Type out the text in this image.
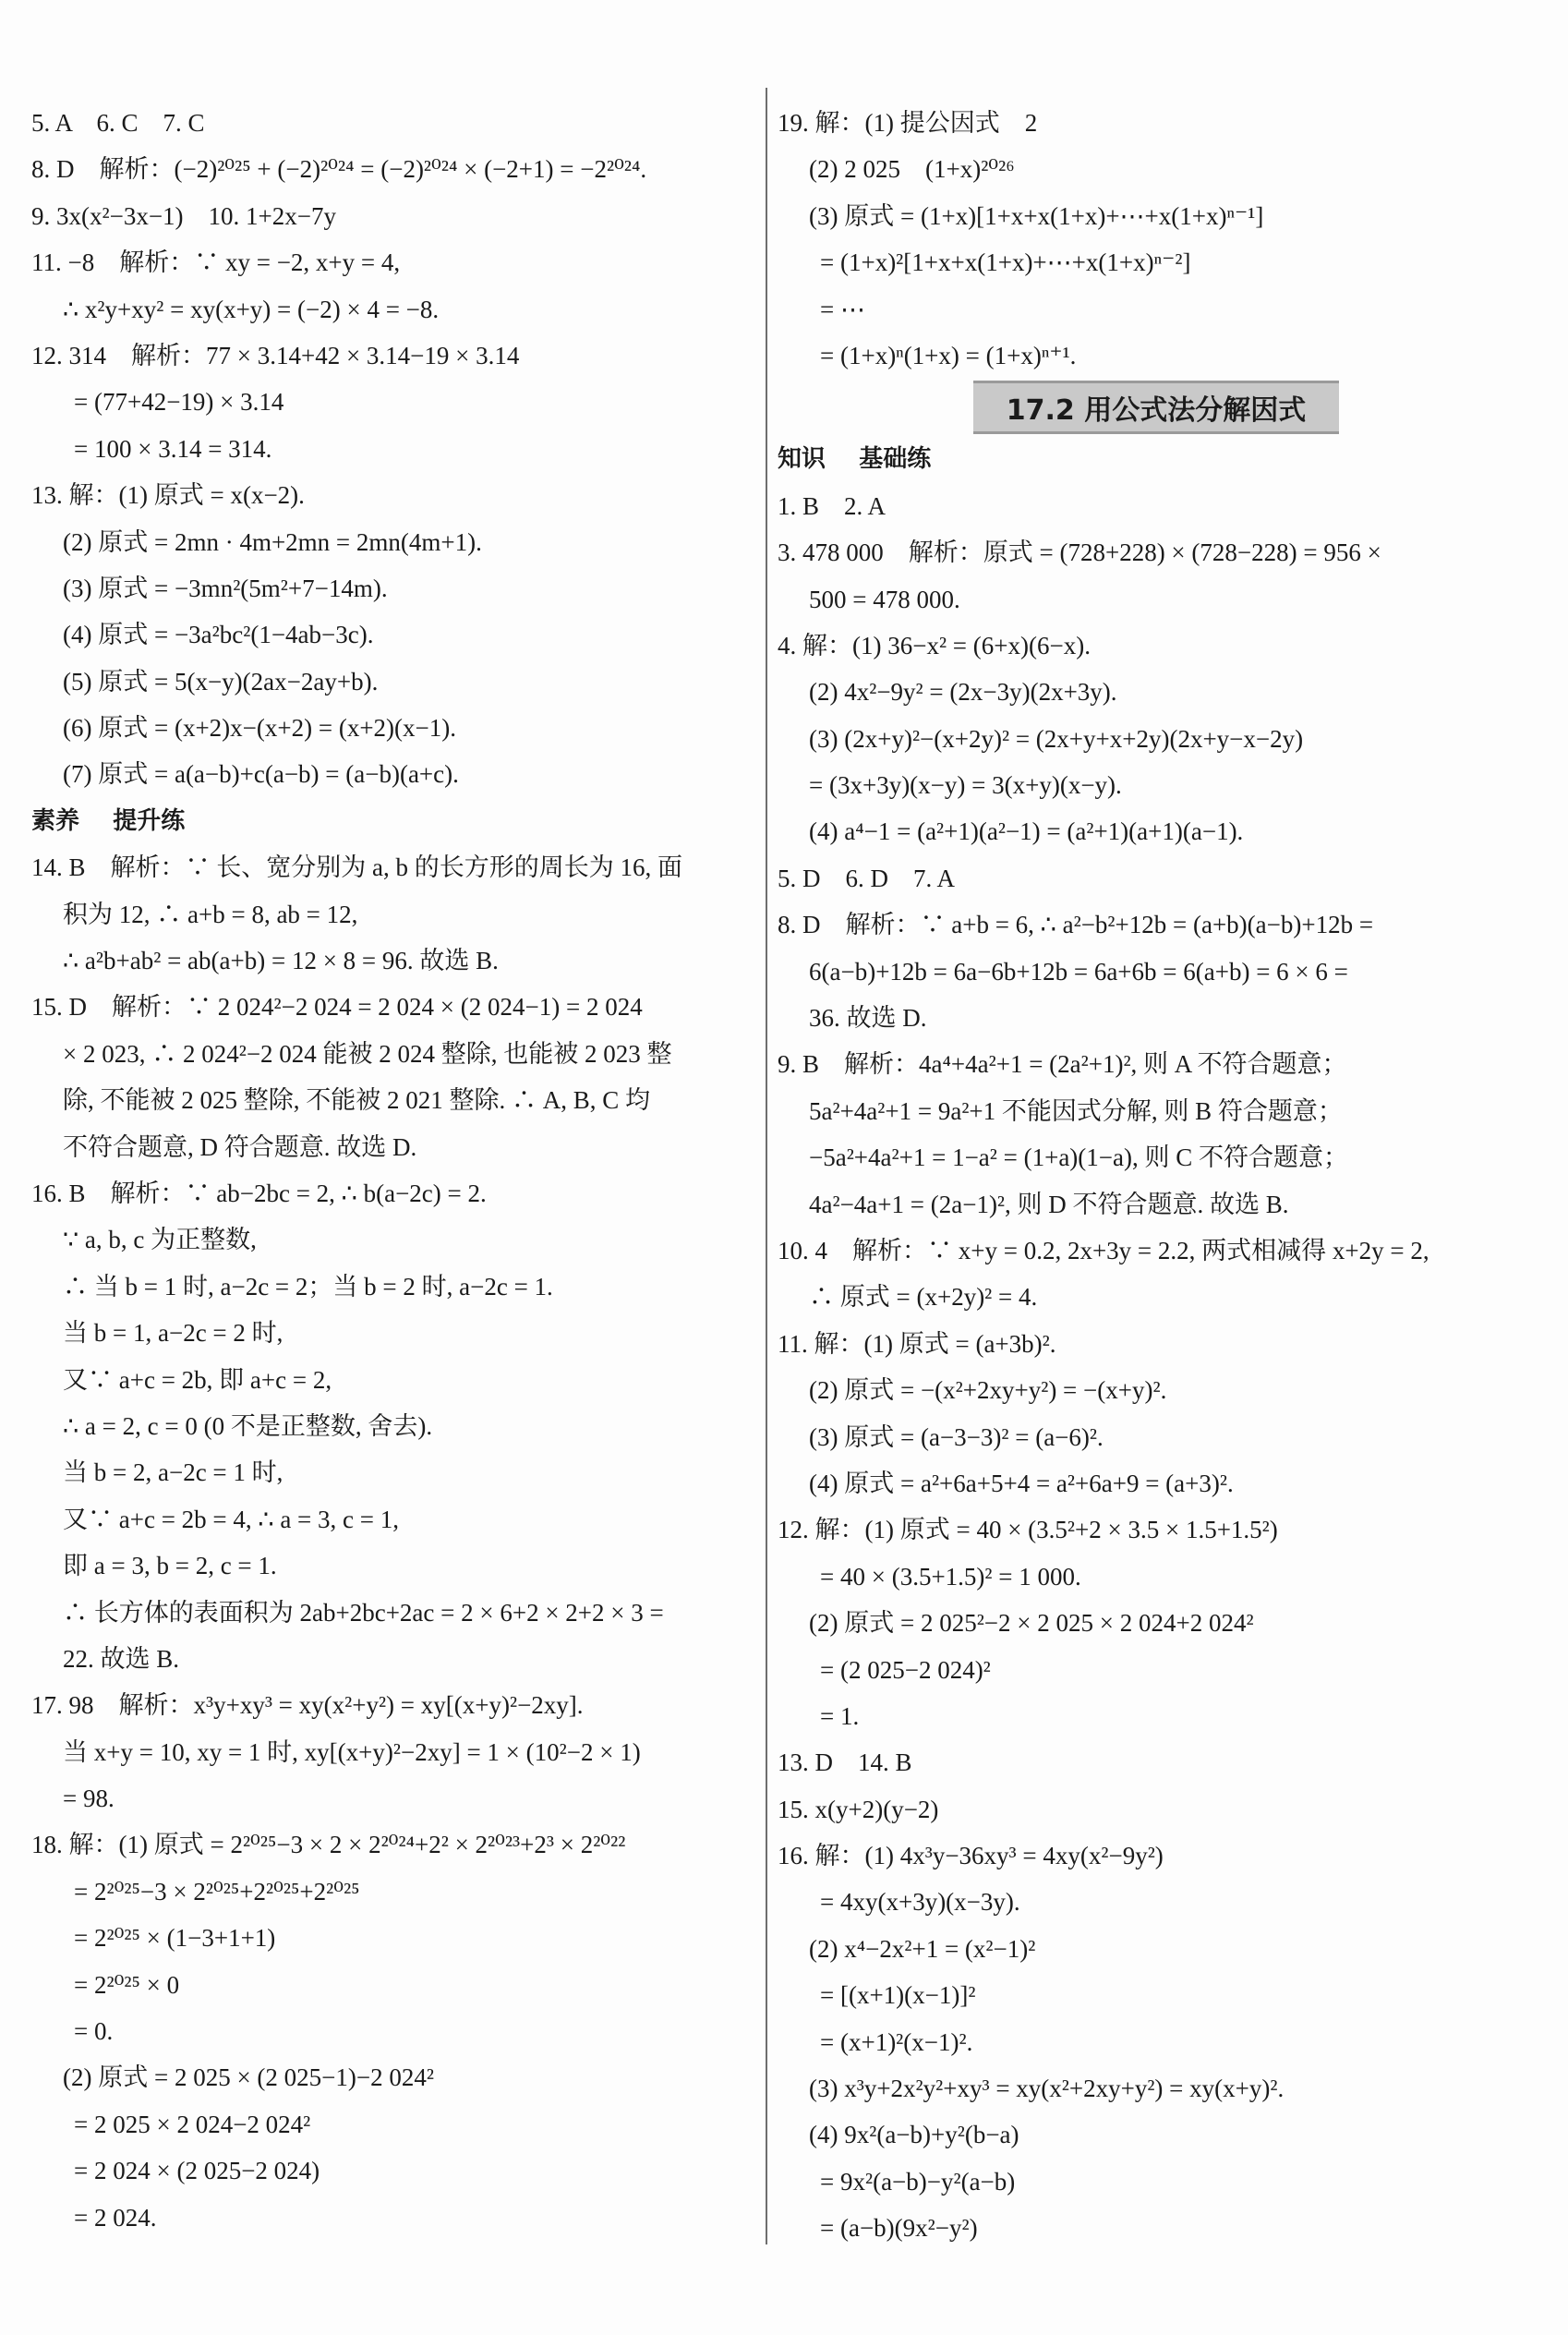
5. A    6. C    7. C
8. D    解析：(−2)²⁰²⁵ + (−2)²⁰²⁴ = (−2)²⁰²⁴ × (−2+1) = −2²⁰²⁴.
9. 3x(x²−3x−1)    10. 1+2x−7y
11. −8    解析：∵ xy = −2, x+y = 4,
∴ x²y+xy² = xy(x+y) = (−2) × 4 = −8.
12. 314    解析：77 × 3.14+42 × 3.14−19 × 3.14
= (77+42−19) × 3.14
= 100 × 3.14 = 314.
13. 解：(1) 原式 = x(x−2).
(2) 原式 = 2mn · 4m+2mn = 2mn(4m+1).
(3) 原式 = −3mn²(5m²+7−14m).
(4) 原式 = −3a²bc²(1−4ab−3c).
(5) 原式 = 5(x−y)(2ax−2ay+b).
(6) 原式 = (x+2)x−(x+2) = (x+2)(x−1).
(7) 原式 = a(a−b)+c(a−b) = (a−b)(a+c).
素养    提升练
14. B    解析：∵ 长、宽分别为 a, b 的长方形的周长为 16, 面
积为 12, ∴ a+b = 8, ab = 12,
∴ a²b+ab² = ab(a+b) = 12 × 8 = 96. 故选 B.
15. D    解析：∵ 2 024²−2 024 = 2 024 × (2 024−1) = 2 024
× 2 023, ∴ 2 024²−2 024 能被 2 024 整除, 也能被 2 023 整
除, 不能被 2 025 整除, 不能被 2 021 整除. ∴ A, B, C 均
不符合题意, D 符合题意. 故选 D.
16. B    解析：∵ ab−2bc = 2, ∴ b(a−2c) = 2.
∵ a, b, c 为正整数,
∴ 当 b = 1 时, a−2c = 2；当 b = 2 时, a−2c = 1.
当 b = 1, a−2c = 2 时,
又∵ a+c = 2b, 即 a+c = 2,
∴ a = 2, c = 0 (0 不是正整数, 舍去).
当 b = 2, a−2c = 1 时,
又∵ a+c = 2b = 4, ∴ a = 3, c = 1,
即 a = 3, b = 2, c = 1.
∴ 长方体的表面积为 2ab+2bc+2ac = 2 × 6+2 × 2+2 × 3 =
22. 故选 B.
17. 98    解析：x³y+xy³ = xy(x²+y²) = xy[(x+y)²−2xy].
当 x+y = 10, xy = 1 时, xy[(x+y)²−2xy] = 1 × (10²−2 × 1)
= 98.
18. 解：(1) 原式 = 2²⁰²⁵−3 × 2 × 2²⁰²⁴+2² × 2²⁰²³+2³ × 2²⁰²²
= 2²⁰²⁵−3 × 2²⁰²⁵+2²⁰²⁵+2²⁰²⁵
= 2²⁰²⁵ × (1−3+1+1)
= 2²⁰²⁵ × 0
= 0.
(2) 原式 = 2 025 × (2 025−1)−2 024²
= 2 025 × 2 024−2 024²
= 2 024 × (2 025−2 024)
= 2 024.
19. 解：(1) 提公因式    2
(2) 2 025    (1+x)²⁰²⁶
(3) 原式 = (1+x)[1+x+x(1+x)+⋯+x(1+x)ⁿ⁻¹]
= (1+x)²[1+x+x(1+x)+⋯+x(1+x)ⁿ⁻²]
= ⋯
= (1+x)ⁿ(1+x) = (1+x)ⁿ⁺¹.
17.2 用公式法分解因式
知识    基础练
1. B    2. A
3. 478 000    解析：原式 = (728+228) × (728−228) = 956 ×
500 = 478 000.
4. 解：(1) 36−x² = (6+x)(6−x).
(2) 4x²−9y² = (2x−3y)(2x+3y).
(3) (2x+y)²−(x+2y)² = (2x+y+x+2y)(2x+y−x−2y)
= (3x+3y)(x−y) = 3(x+y)(x−y).
(4) a⁴−1 = (a²+1)(a²−1) = (a²+1)(a+1)(a−1).
5. D    6. D    7. A
8. D    解析：∵ a+b = 6, ∴ a²−b²+12b = (a+b)(a−b)+12b =
6(a−b)+12b = 6a−6b+12b = 6a+6b = 6(a+b) = 6 × 6 =
36. 故选 D.
9. B    解析：4a⁴+4a²+1 = (2a²+1)², 则 A 不符合题意；
5a²+4a²+1 = 9a²+1 不能因式分解, 则 B 符合题意；
−5a²+4a²+1 = 1−a² = (1+a)(1−a), 则 C 不符合题意；
4a²−4a+1 = (2a−1)², 则 D 不符合题意. 故选 B.
10. 4    解析：∵ x+y = 0.2, 2x+3y = 2.2, 两式相减得 x+2y = 2,
∴ 原式 = (x+2y)² = 4.
11. 解：(1) 原式 = (a+3b)².
(2) 原式 = −(x²+2xy+y²) = −(x+y)².
(3) 原式 = (a−3−3)² = (a−6)².
(4) 原式 = a²+6a+5+4 = a²+6a+9 = (a+3)².
12. 解：(1) 原式 = 40 × (3.5²+2 × 3.5 × 1.5+1.5²)
= 40 × (3.5+1.5)² = 1 000.
(2) 原式 = 2 025²−2 × 2 025 × 2 024+2 024²
= (2 025−2 024)²
= 1.
13. D    14. B
15. x(y+2)(y−2)
16. 解：(1) 4x³y−36xy³ = 4xy(x²−9y²)
= 4xy(x+3y)(x−3y).
(2) x⁴−2x²+1 = (x²−1)²
= [(x+1)(x−1)]²
= (x+1)²(x−1)².
(3) x³y+2x²y²+xy³ = xy(x²+2xy+y²) = xy(x+y)².
(4) 9x²(a−b)+y²(b−a)
= 9x²(a−b)−y²(a−b)
= (a−b)(9x²−y²)
